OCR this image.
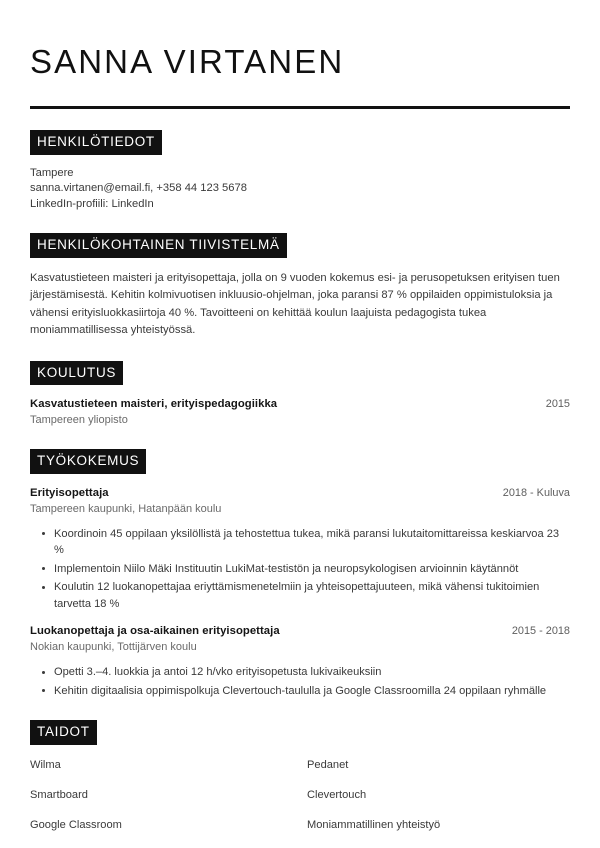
SANNA VIRTANEN
HENKILÖTIEDOT
Tampere
sanna.virtanen@email.fi, +358 44 123 5678
LinkedIn-profiili: LinkedIn
HENKILÖKOHTAINEN TIIVISTELMÄ

Kasvatustieteen maisteri ja erityisopettaja, jolla on 9 vuoden kokemus esi- ja perusopetuksen erityisen tuen järjestämisestä. Kehitin kolmivuotisen inkluusio-ohjelman, joka paransi 87 % oppilaiden oppimistuloksia ja vähensi erityisluokkasiirtoja 40 %. Tavoitteeni on kehittää koulun laajuista pedagogista tukea moniammatillisessa yhteistyössä.

KOULUTUS
Kasvatustieteen maisteri, erityispedagogiikka	2015
Tampereen yliopisto
TYÖKOKEMUS
Erityisopettaja	2018 - Kuluva
Tampereen kaupunki, Hatanpään koulu
Koordinoin 45 oppilaan yksilöllistä ja tehostettua tukea, mikä paransi lukutaitomittareissa keskiarvoa 23 %
Implementoin Niilo Mäki Instituutin LukiMat-testistön ja neuropsykologisen arvioinnin käytännöt
Koulutin 12 luokanopettajaa eriyttämismenetelmiin ja yhteisopettajuuteen, mikä vähensi tukitoimien tarvetta 18 %
Luokanopettaja ja osa-aikainen erityisopettaja	2015 - 2018
Nokian kaupunki, Tottijärven koulu
Opetti 3.–4. luokkia ja antoi 12 h/vko erityisopetusta lukivaikeuksiin
Kehitin digitaalisia oppimispolkuja Clevertouch-taululla ja Google Classroomilla 24 oppilaan ryhmälle
TAIDOT
Wilma	Pedanet
Smartboard	Clevertouch
Google Classroom	Moniammatillinen yhteistyö
